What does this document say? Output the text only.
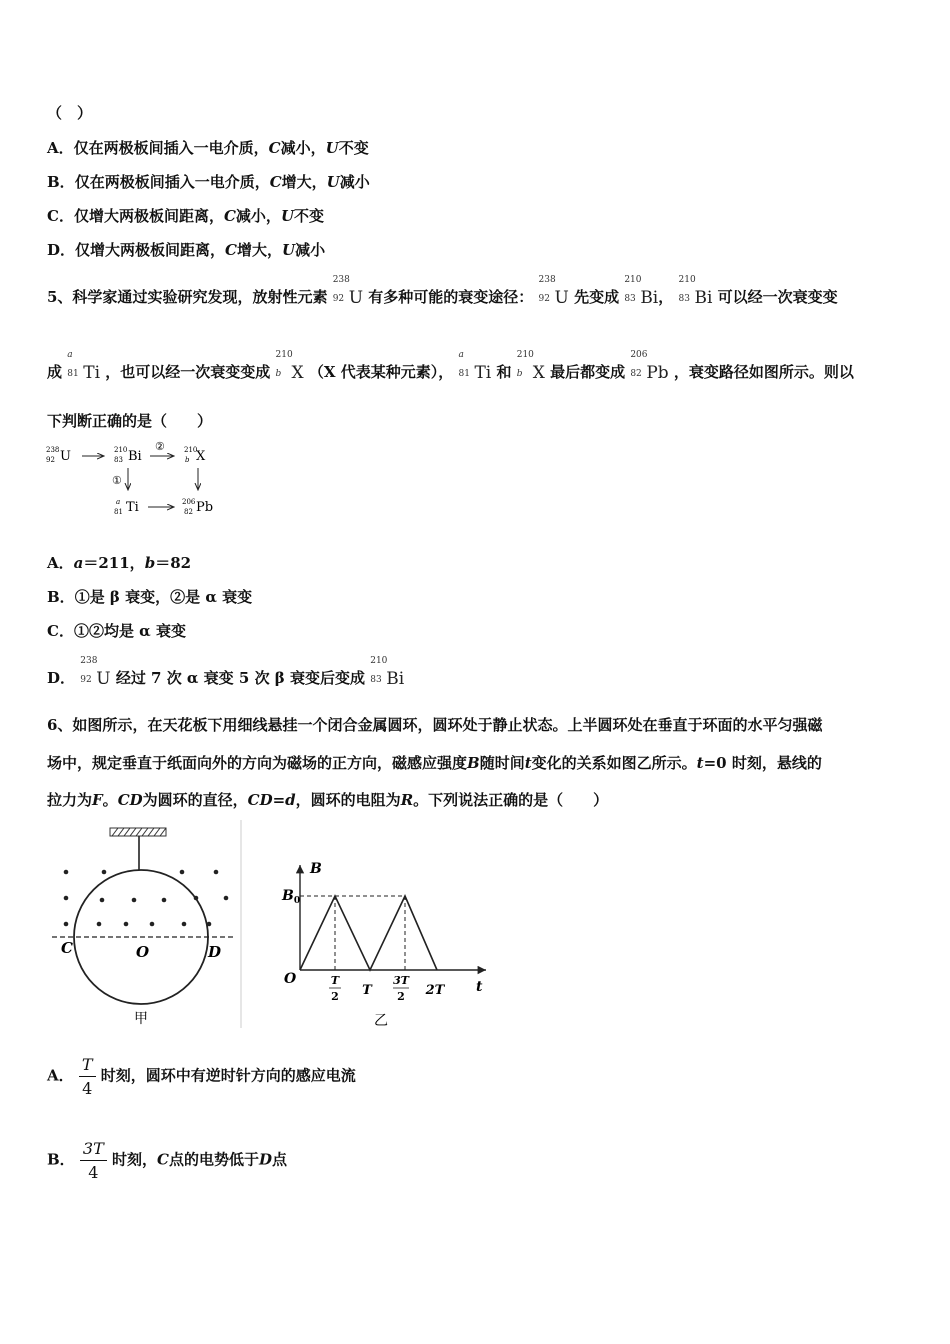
（　）
A．仅在两极板间插入一电介质，C减小，U不变
B．仅在两极板间插入一电介质，C增大，U减小
C．仅增大两极板间距离，C减小，U不变
D．仅增大两极板间距离，C增大，U减小
5、科学家通过实验研究发现，放射性元素
238
92 U 有多种可能的衰变途径：
238
92 U 先变成
210
83 Bi，
210
83 Bi 可以经一次衰变变
成
a
81 Ti ，也可以经一次衰变变成
210
b X （X 代表某种元素），
a
81 Ti 和
210
b X 最后都变成
206
82 Pb ，衰变路径如图所示。则以
下判断正确的是（　　）
238
92 U	210
83 Bi
②	210
b X
①
a
81 Ti	206
82 Pb
A．a＝211，b＝82
B．①是 β 衰变，②是 α 衰变
C．①②均是 α 衰变
D．
238
92 U 经过 7 次 α 衰变 5 次 β 衰变后变成
210
83 Bi
6、如图所示，在天花板下用细线悬挂一个闭合金属圆环，圆环处于静止状态。上半圆环处在垂直于环面的水平匀强磁
场中，规定垂直于纸面向外的方向为磁场的正方向，磁感应强度B随时间t变化的关系如图乙所示。t=0 时刻，悬线的
拉力为F。CD为圆环的直径，CD=d，圆环的电阻为R。下列说法正确的是（　　）
C	O	D
甲
B
$B_0$
O	T
2 T
3T
2 2T t
乙
A． $\frac{T}{4}$ 时刻，圆环中有逆时针方向的感应电流
B． $\frac{3T}{4}$ 时刻，C点的电势低于D点
